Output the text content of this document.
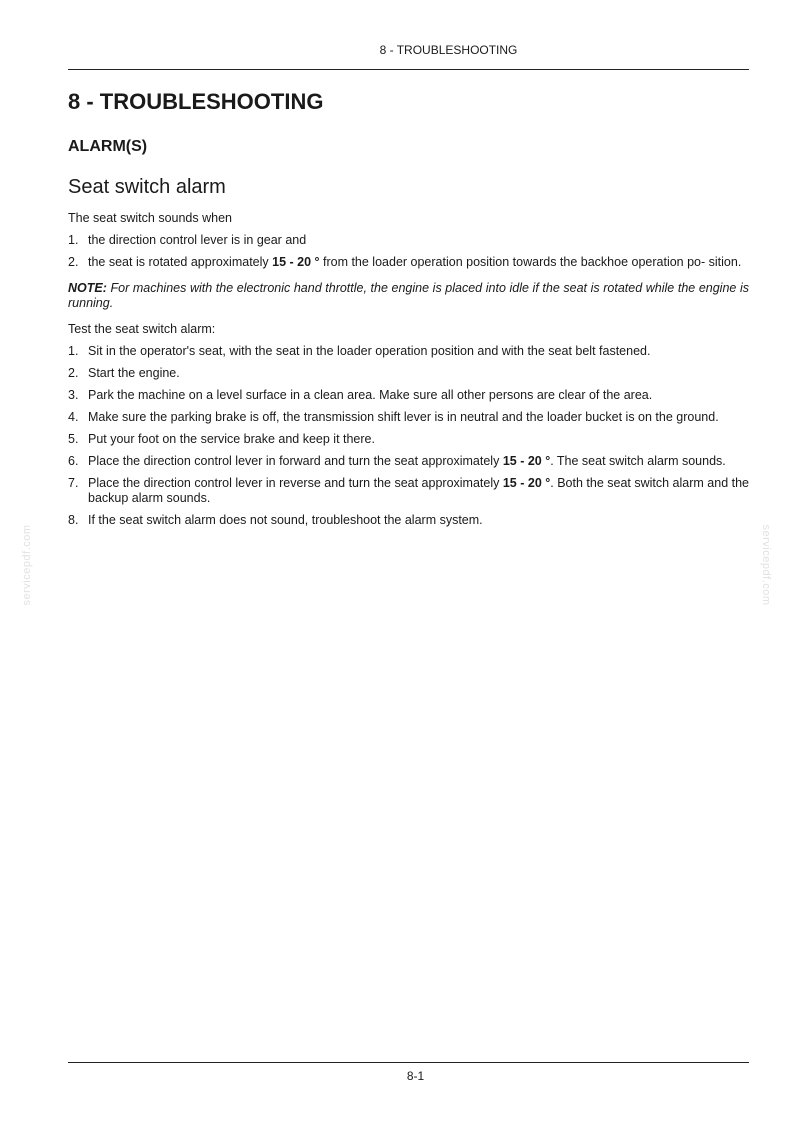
8 - TROUBLESHOOTING
8 - TROUBLESHOOTING
ALARM(S)
Seat switch alarm

The seat switch sounds when

1. the direction control lever is in gear and
2. the seat is rotated approximately 15 - 20 ° from the loader operation position towards the backhoe operation po- sition.

NOTE: For machines with the electronic hand throttle, the engine is placed into idle if the seat is rotated while the engine is running.

Test the seat switch alarm:

1. Sit in the operator's seat, with the seat in the loader operation position and with the seat belt fastened.
2. Start the engine.
3. Park the machine on a level surface in a clean area. Make sure all other persons are clear of the area.
4. Make sure the parking brake is off, the transmission shift lever is in neutral and the loader bucket is on the ground.
5. Put your foot on the service brake and keep it there.
6. Place the direction control lever in forward and turn the seat approximately 15 - 20 °. The seat switch alarm sounds.
7. Place the direction control lever in reverse and turn the seat approximately 15 - 20 °. Both the seat switch alarm and the backup alarm sounds.
8. If the seat switch alarm does not sound, troubleshoot the alarm system.
servicepdf.com	servicepdf.com
8-1
